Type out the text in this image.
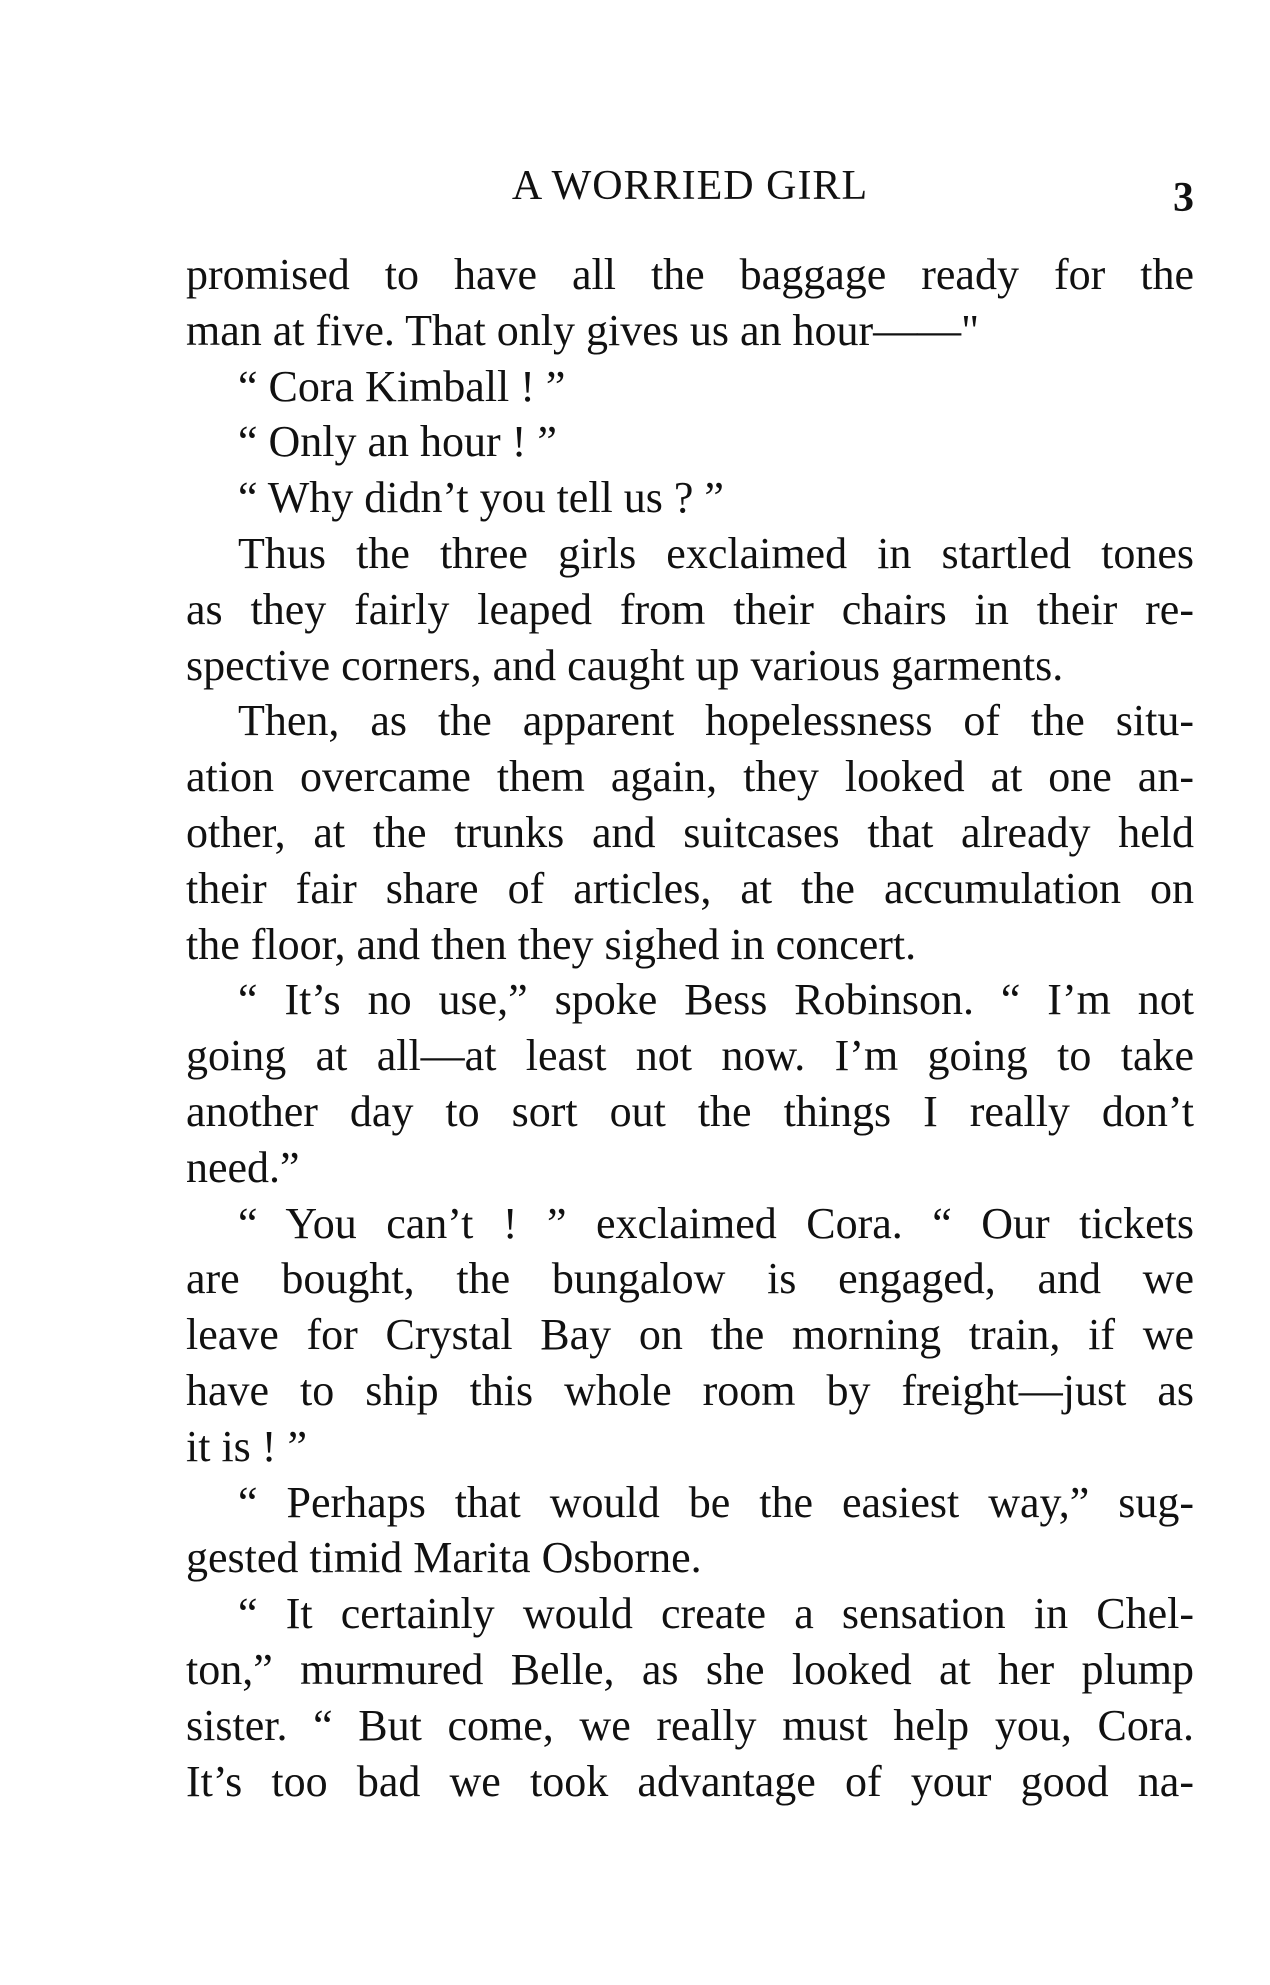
A WORRIED GIRL	3
promised to have all the baggage ready for the
man at five. That only gives us an hour——"
“ Cora Kimball ! ”
“ Only an hour ! ”
“ Why didn’t you tell us ? ”
Thus the three girls exclaimed in startled tones
as they fairly leaped from their chairs in their re-
spective corners, and caught up various garments.
Then, as the apparent hopelessness of the situ-
ation overcame them again, they looked at one an-
other, at the trunks and suitcases that already held
their fair share of articles, at the accumulation on
the floor, and then they sighed in concert.
“ It’s no use,” spoke Bess Robinson. “ I’m not
going at all—at least not now. I’m going to take
another day to sort out the things I really don’t
need.”
“ You can’t ! ” exclaimed Cora. “ Our tickets
are bought, the bungalow is engaged, and we
leave for Crystal Bay on the morning train, if we
have to ship this whole room by freight—just as
it is ! ”
“ Perhaps that would be the easiest way,” sug-
gested timid Marita Osborne.
“ It certainly would create a sensation in Chel-
ton,” murmured Belle, as she looked at her plump
sister. “ But come, we really must help you, Cora.
It’s too bad we took advantage of your good na-
